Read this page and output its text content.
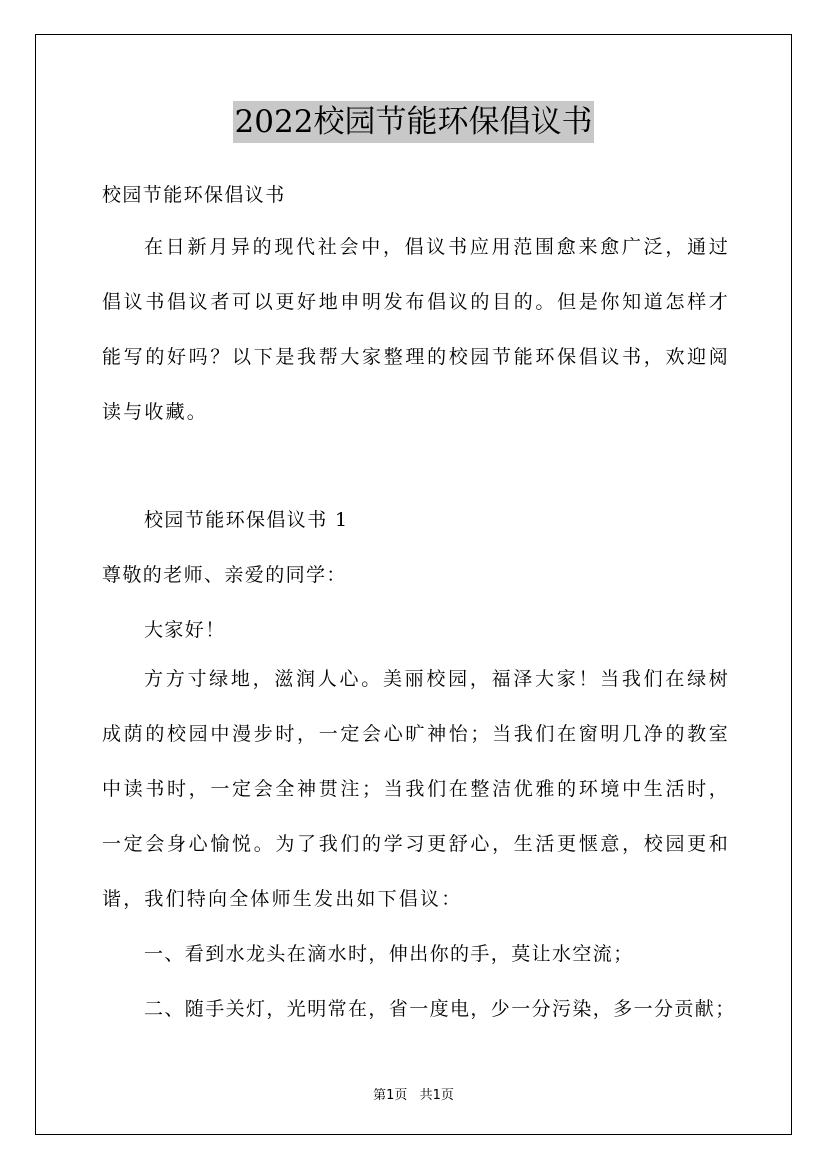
2022校园节能环保倡议书
校园节能环保倡议书

在日新月异的现代社会中，倡议书应用范围愈来愈广泛，通过倡议书倡议者可以更好地申明发布倡议的目的。但是你知道怎样才能写的好吗？以下是我帮大家整理的校园节能环保倡议书，欢迎阅读与收藏。

校园节能环保倡议书 1
尊敬的老师、亲爱的同学：
大家好！

方方寸绿地，滋润人心。美丽校园，福泽大家！当我们在绿树成荫的校园中漫步时，一定会心旷神怡；当我们在窗明几净的教室中读书时，一定会全神贯注；当我们在整洁优雅的环境中生活时，一定会身心愉悦。为了我们的学习更舒心，生活更惬意，校园更和谐，我们特向全体师生发出如下倡议：

一、看到水龙头在滴水时，伸出你的手，莫让水空流；
二、随手关灯，光明常在，省一度电，少一分污染，多一分贡献；
第1页 共1页
